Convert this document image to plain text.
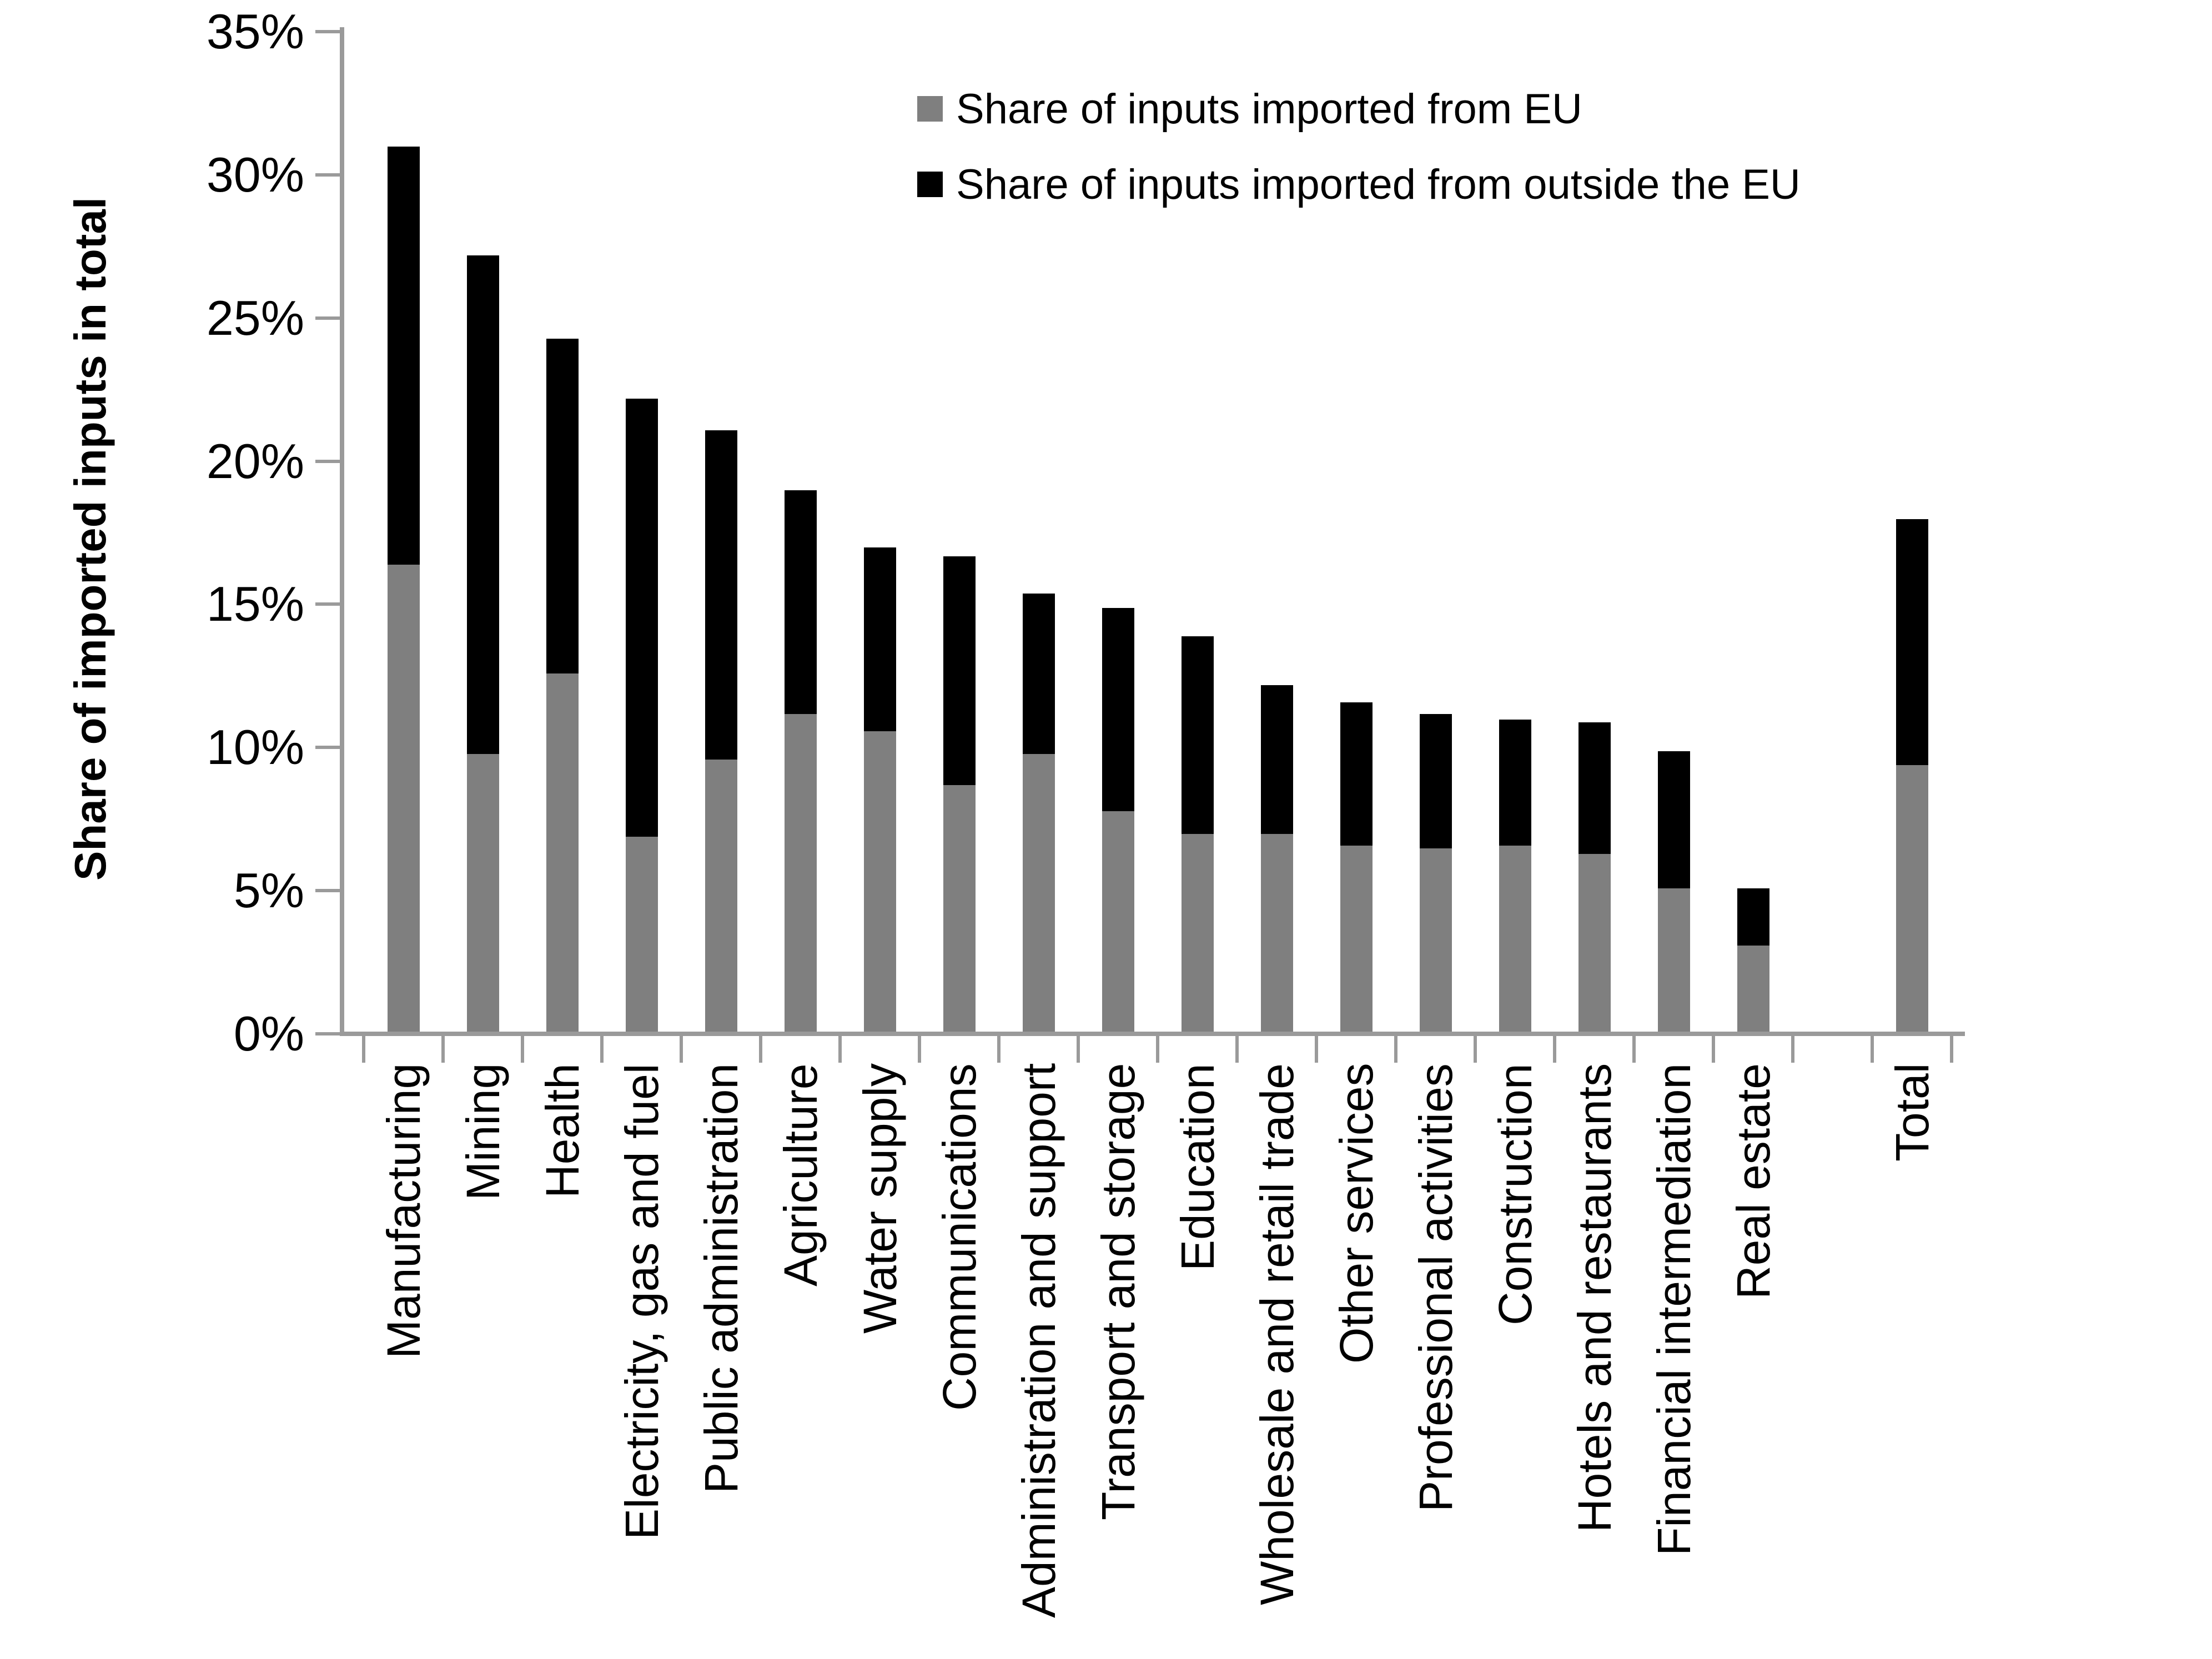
Share of imported inputs in total
Share of inputs imported from EU
Share of inputs imported from outside the EU
35%
30%
25%
20%
15%
10%
5%
0%
Manufacturing Mining Health Electricity, gas and fuel Public administration Agriculture Water supply Communications Administration and support Transport and storage Education Wholesale and retail trade Other services Professional activities Construction Hotels and restaurants Financial intermediation Real estate Total
